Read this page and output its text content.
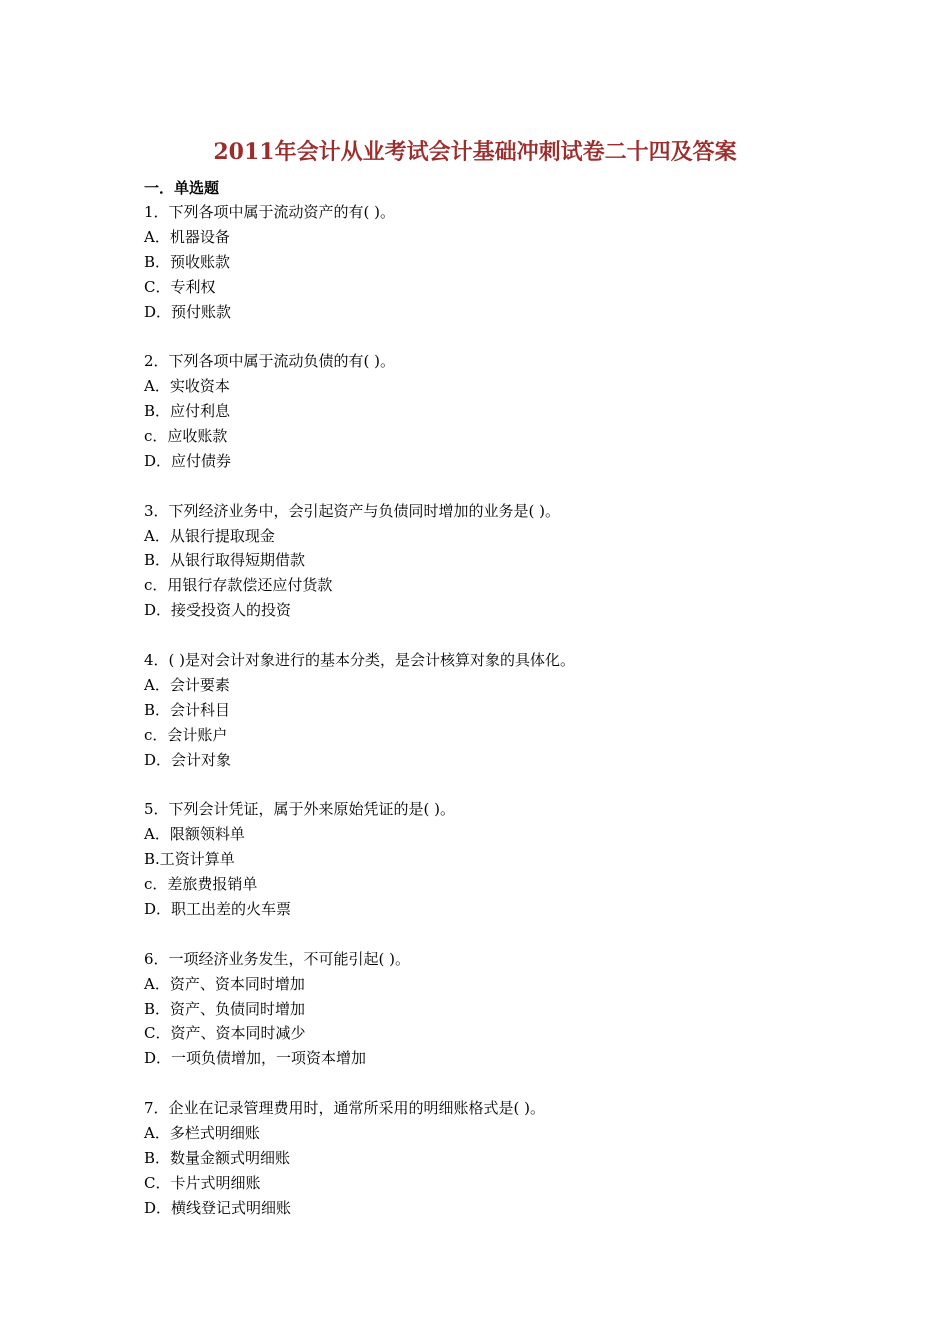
2011年会计从业考试会计基础冲刺试卷二十四及答案
一．单选题
1．下列各项中属于流动资产的有( )。
A．机器设备
B．预收账款
C．专利权
D．预付账款
2．下列各项中属于流动负债的有( )。
A．实收资本
B．应付利息
c．应收账款
D．应付债券
3．下列经济业务中，会引起资产与负债同时增加的业务是( )。
A．从银行提取现金
B．从银行取得短期借款
c．用银行存款偿还应付货款
D．接受投资人的投资
4．( )是对会计对象进行的基本分类，是会计核算对象的具体化。
A．会计要素
B．会计科目
c．会计账户
D．会计对象
5．下列会计凭证，属于外来原始凭证的是( )。
A．限额领料单
B.工资计算单
c．差旅费报销单
D．职工出差的火车票
6．一项经济业务发生，不可能引起( )。
A．资产、资本同时增加
B．资产、负债同时增加
C．资产、资本同时减少
D．一项负债增加，一项资本增加
7．企业在记录管理费用时，通常所采用的明细账格式是( )。
A．多栏式明细账
B．数量金额式明细账
C．卡片式明细账
D．横线登记式明细账
